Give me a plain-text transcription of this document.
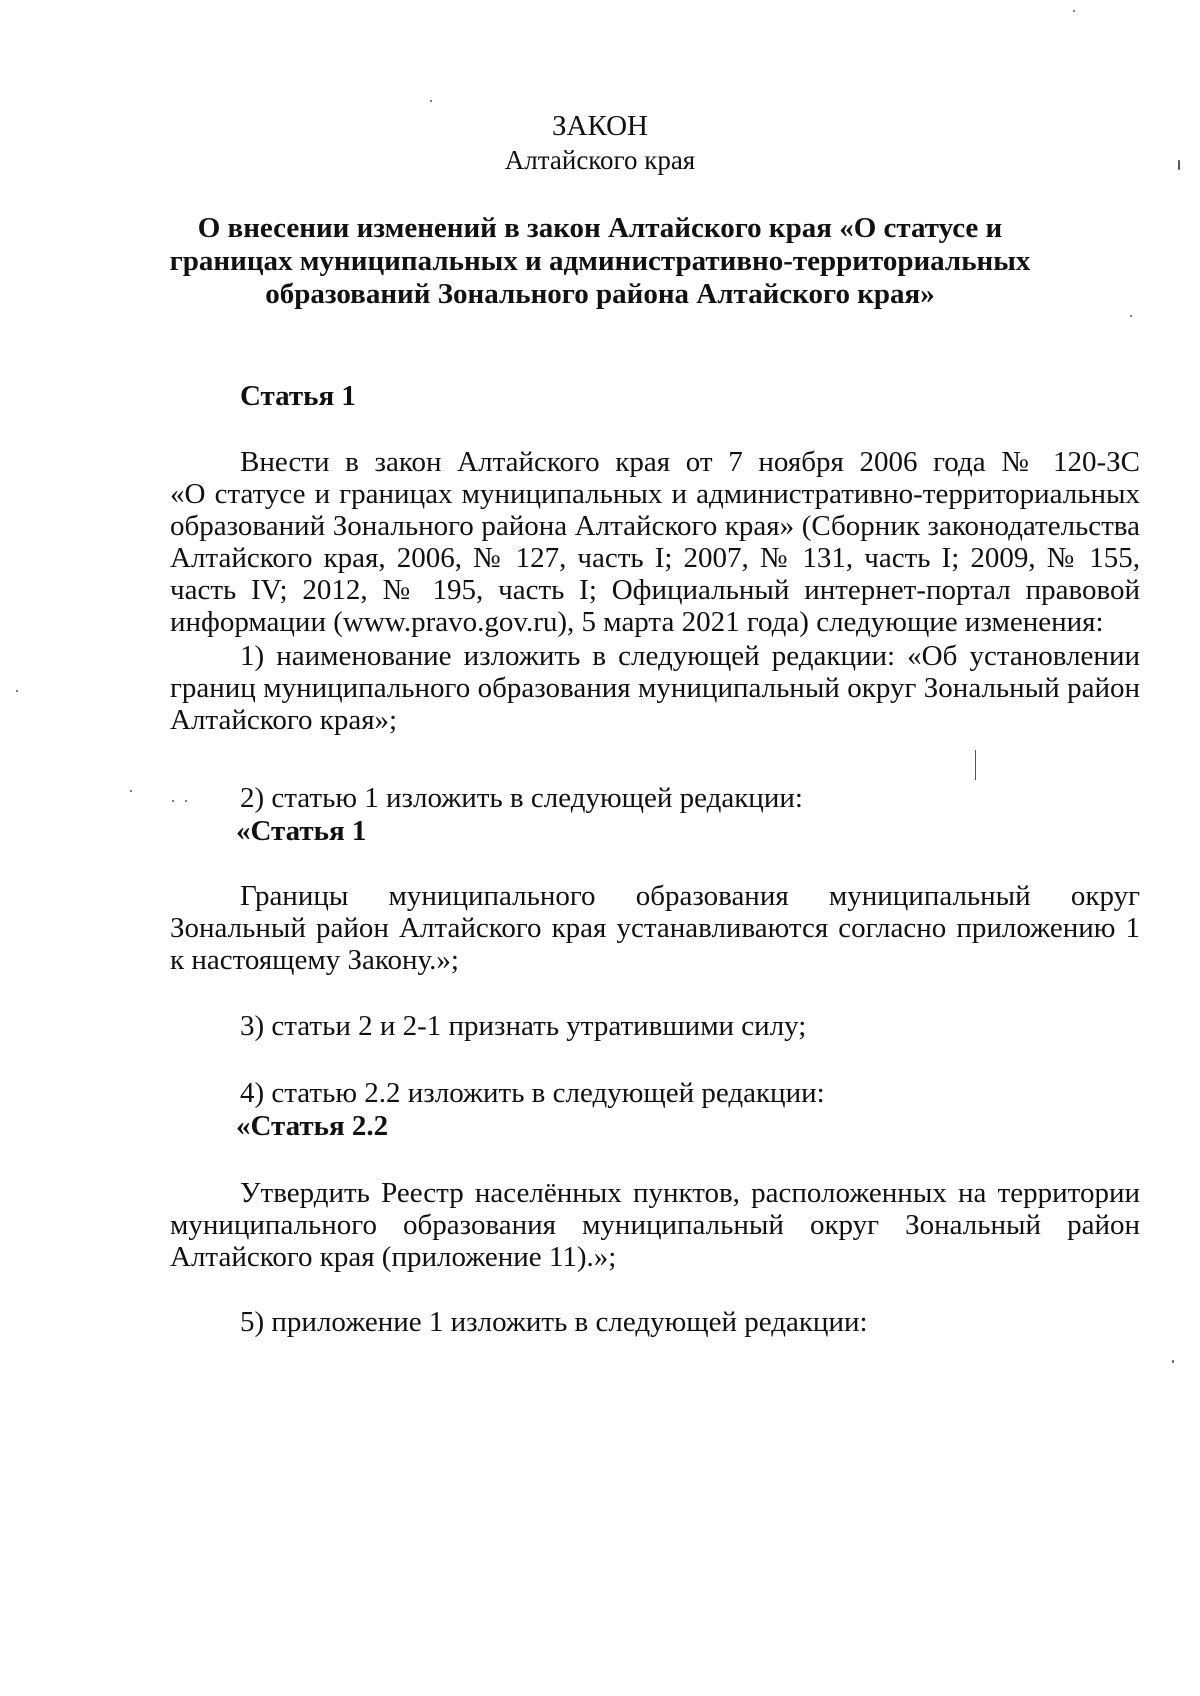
ЗАКОН
Алтайского края
О внесении изменений в закон Алтайского края «О статусе и
границах муниципальных и административно-территориальных
образований Зонального района Алтайского края»
Статья 1
Внести в закон Алтайского края от 7 ноября 2006 года № 120-ЗС
«О статусе и границах муниципальных и административно-территориальных
образований Зонального района Алтайского края» (Сборник законодательства
Алтайского края, 2006, № 127, часть I; 2007, № 131, часть I; 2009, № 155,
часть IV; 2012, № 195, часть I; Официальный интернет-портал правовой
информации (www.pravo.gov.ru), 5 марта 2021 года) следующие изменения:
1) наименование изложить в следующей редакции: «Об установлении
границ муниципального образования муниципальный округ Зональный район
Алтайского края»;
2) статью 1 изложить в следующей редакции:
«Статья 1
Границы муниципального образования муниципальный округ
Зональный район Алтайского края устанавливаются согласно приложению 1
к настоящему Закону.»;
3) статьи 2 и 2-1 признать утратившими силу;
4) статью 2.2 изложить в следующей редакции:
«Статья 2.2
Утвердить Реестр населённых пунктов, расположенных на территории
муниципального образования муниципальный округ Зональный район
Алтайского края (приложение 11).»;
5) приложение 1 изложить в следующей редакции:
